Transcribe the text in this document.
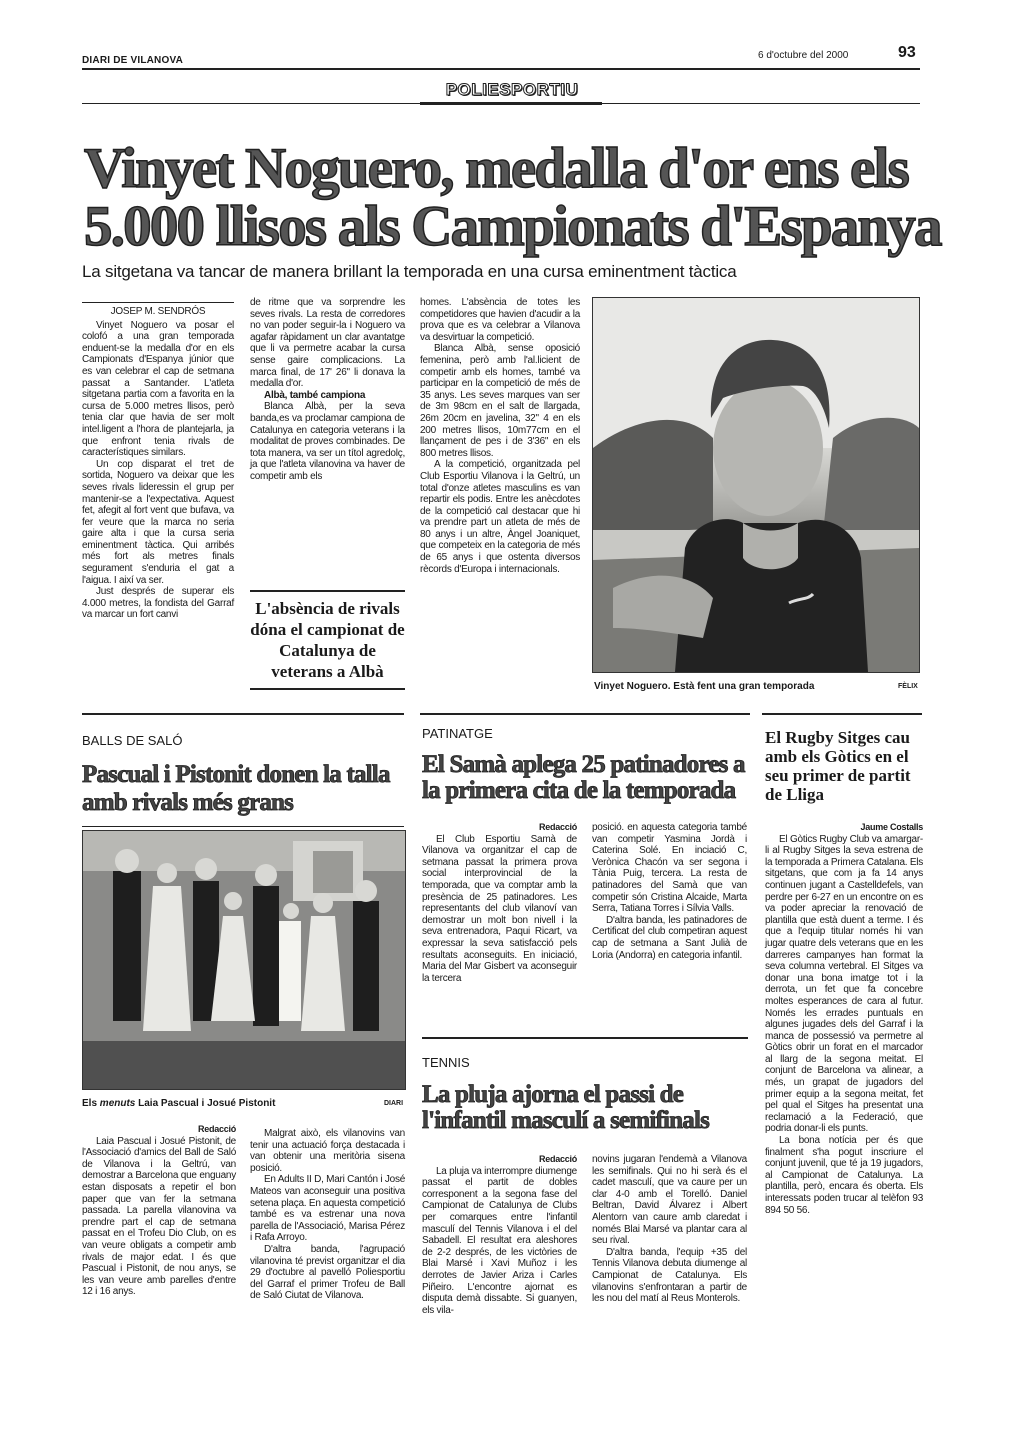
DIARI DE VILANOVA	6 d'octubre del 2000	93
POLIESPORTIU
Vinyet Noguero, medalla d'or ens els 5.000 llisos als Campionats d'Espanya
La sitgetana va tancar de manera brillant la temporada en una cursa eminentment tàctica
JOSEP M. SENDRÓS

Vinyet Noguero va posar el colofó a una gran temporada enduent-se la medalla d'or en els Campionats d'Espanya júnior que es van celebrar el cap de setmana passat a Santander. L'atleta sitgetana partia com a favorita en la cursa de 5.000 metres llisos, però tenia clar que havia de ser molt intel.ligent a l'hora de plantejarla, ja que enfront tenia rivals de característiques similars.

Un cop disparat el tret de sortida, Noguero va deixar que les seves rivals lideressin el grup per mantenir-se a l'expectativa. Aquest fet, afegit al fort vent que bufava, va fer veure que la marca no seria gaire alta i que la cursa seria eminentment tàctica. Qui arribés més fort als metres finals segurament s'enduria el gat a l'aigua. I així va ser.

Just després de superar els 4.000 metres, la fondista del Garraf va marcar un fort canvi

de ritme que va sorprendre les seves rivals. La resta de corredores no van poder seguir-la i Noguero va agafar ràpidament un clar avantatge que li va permetre acabar la cursa sense gaire complicacions. La marca final, de 17' 26" li donava la medalla d'or.

Albà, també campiona

Blanca Albà, per la seva banda,es va proclamar campiona de Catalunya en categoria veterans i la modalitat de proves combinades. De tota manera, va ser un títol agredolç, ja que l'atleta vilanovina va haver de competir amb els

L'absència de rivals dóna el campionat de Catalunya de veterans a Albà

homes. L'absència de totes les competidores que havien d'acudir a la prova que es va celebrar a Vilanova va desvirtuar la competició.

Blanca Albà, sense oposició femenina, però amb l'al.licient de competir amb els homes, també va participar en la competició de més de 35 anys. Les seves marques van ser de 3m 98cm en el salt de llargada, 26m 20cm en javelina, 32" 4 en els 200 metres llisos, 10m77cm en el llançament de pes i de 3'36" en els 800 metres llisos.

A la competició, organitzada pel Club Esportiu Vilanova i la Geltrú, un total d'onze atletes masculins es van repartir els podis. Entre les anècdotes de la competició cal destacar que hi va prendre part un atleta de més de 80 anys i un altre, Àngel Joaniquet, que competeix en la categoria de més de 65 anys i que ostenta diversos rècords d'Europa i internacionals.

Vinyet Noguero. Està fent una gran temporada	FÈLIX
BALLS DE SALÓ
Pascual i Pistonit donen la talla amb rivals més grans
Els menuts Laia Pascual i Josué Pistonit	DIARI

Redacció

Laia Pascual i Josué Pistonit, de l'Associació d'amics del Ball de Saló de Vilanova i la Geltrú, van demostrar a Barcelona que enguany estan disposats a repetir el bon paper que van fer la setmana passada. La parella vilanovina va prendre part el cap de setmana passat en el Trofeu Dio Club, on es van veure obligats a competir amb rivals de major edat. I és que Pascual i Pistonit, de nou anys, se les van veure amb parelles d'entre 12 i 16 anys.

Malgrat això, els vilanovins van tenir una actuació força destacada i van obtenir una meritòria sisena posició.

En Adults II D, Mari Cantón i José Mateos van aconseguir una positiva setena plaça. En aquesta competició també es va estrenar una nova parella de l'Associació, Marisa Pérez i Rafa Arroyo.

D'altra banda, l'agrupació vilanovina té previst organitzar el dia 29 d'octubre al pavelló Poliesportiu del Garraf el primer Trofeu de Ball de Saló Ciutat de Vilanova.

PATINATGE
El Samà aplega 25 patinadores a la primera cita de la temporada

Redacció

El Club Esportiu Samà de Vilanova va organitzar el cap de setmana passat la primera prova social interprovincial de la temporada, que va comptar amb la presència de 25 patinadores. Les representants del club vilanoví van demostrar un molt bon nivell i la seva entrenadora, Paqui Ricart, va expressar la seva satisfacció pels resultats aconseguits. En iniciació, Maria del Mar Gisbert va aconseguir la tercera

posició. en aquesta categoria també van competir Yasmina Jordà i Caterina Solé. En inciació C, Verònica Chacón va ser segona i Tània Puig, tercera. La resta de patinadores del Samà que van competir són Cristina Alcaide, Marta Serra, Tatiana Torres i Sílvia Valls.

D'altra banda, les patinadores de Certificat del club competiran aquest cap de setmana a Sant Julià de Loria (Andorra) en categoria infantil.

TENNIS
La pluja ajorna el passi de l'infantil masculí a semifinals

Redacció

La pluja va interrompre diumenge passat el partit de dobles corresponent a la segona fase del Campionat de Catalunya de Clubs per comarques entre l'infantil masculí del Tennis Vilanova i el del Sabadell. El resultat era aleshores de 2-2 després, de les victòries de Blai Marsé i Xavi Muñoz i les derrotes de Javier Ariza i Carles Piñeiro. L'encontre ajornat es disputa demà dissabte. Si guanyen, els vila-

novins jugaran l'endemà a Vilanova les semifinals. Qui no hi serà és el cadet masculí, que va caure per un clar 4-0 amb el Torelló. Daniel Beltran, David Álvarez i Albert Alentorn van caure amb claredat i només Blai Marsé va plantar cara al seu rival.

D'altra banda, l'equip +35 del Tennis Vilanova debuta diumenge al Campionat de Catalunya. Els vilanovins s'enfrontaran a partir de les nou del matí al Reus Monterols.

El Rugby Sitges cau amb els Gòtics en el seu primer de partit de Lliga

Jaume Costalls

El Gòtics Rugby Club va amargar-li al Rugby Sitges la seva estrena de la temporada a Primera Catalana. Els sitgetans, que com ja fa 14 anys continuen jugant a Castelldefels, van perdre per 6-27 en un encontre on es va poder apreciar la renovació de plantilla que està duent a terme. I és que a l'equip titular només hi van jugar quatre dels veterans que en les darreres campanyes han format la seva columna vertebral. El Sitges va donar una bona imatge tot i la derrota, un fet que fa concebre moltes esperances de cara al futur. Només les errades puntuals en algunes jugades dels del Garraf i la manca de possessió va permetre al Gòtics obrir un forat en el marcador al llarg de la segona meitat. El conjunt de Barcelona va alinear, a més, un grapat de jugadors del primer equip a la segona meitat, fet pel qual el Sitges ha presentat una reclamació a la Federació, que podria donar-li els punts.

La bona notícia per és que finalment s'ha pogut inscriure el conjunt juvenil, que té ja 19 jugadors, al Campionat de Catalunya. La plantilla, però, encara és oberta. Els interessats poden trucar al telèfon 93 894 50 56.
